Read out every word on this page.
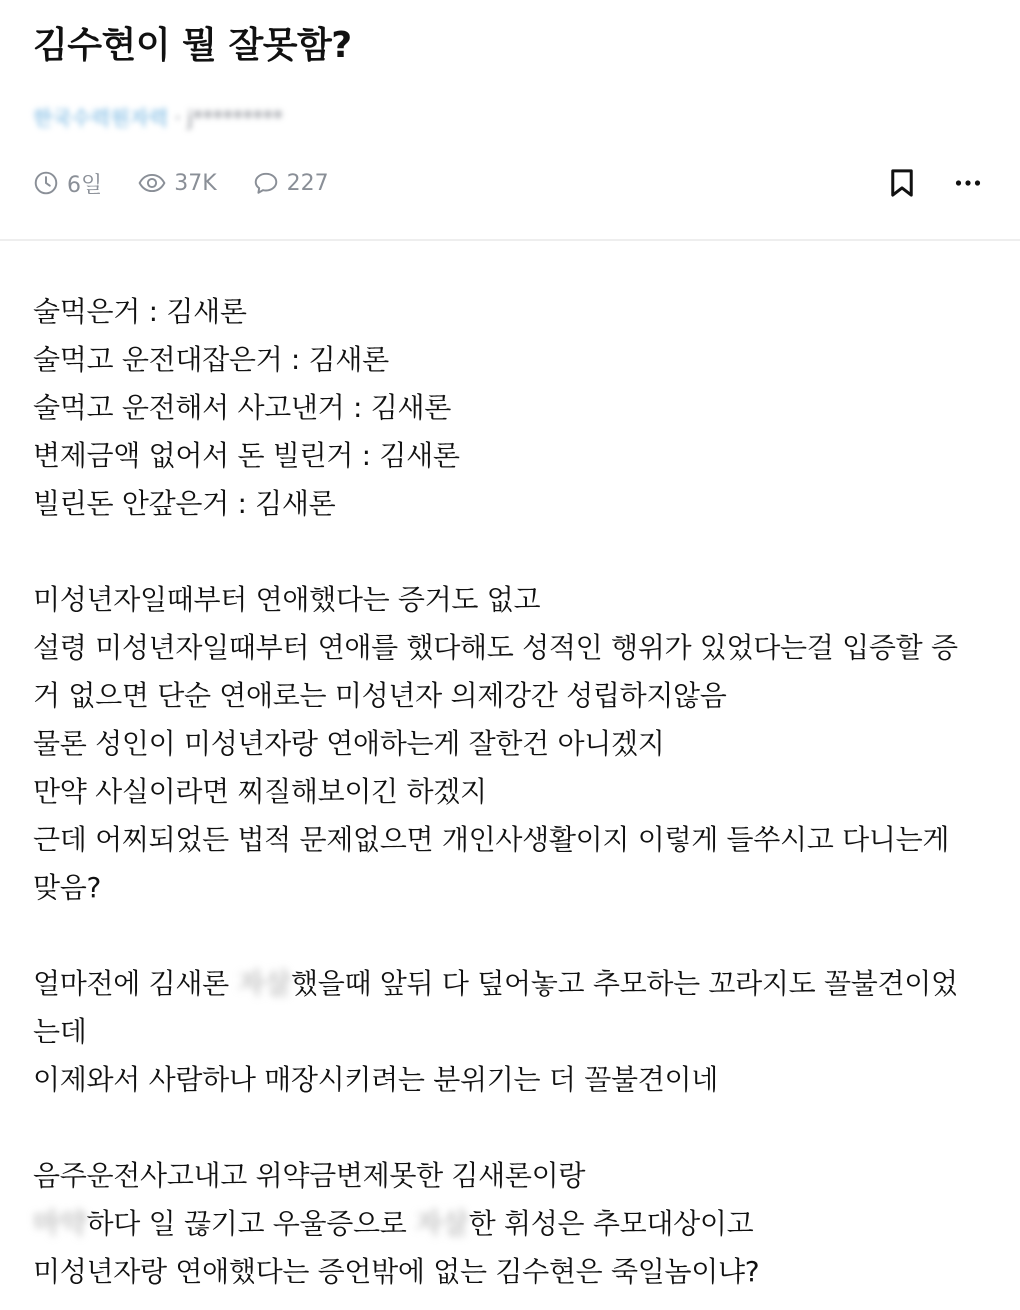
김수현이 뭘 잘못함?
한국수력원자력 · j*********
6일	37K	227
술먹은거 : 김새론
술먹고 운전대잡은거 : 김새론
술먹고 운전해서 사고낸거 : 김새론
변제금액 없어서 돈 빌린거 : 김새론
빌린돈 안갚은거 : 김새론
미성년자일때부터 연애했다는 증거도 없고
설령 미성년자일때부터 연애를 했다해도 성적인 행위가 있었다는걸 입증할 증
거 없으면 단순 연애로는 미성년자 의제강간 성립하지않음
물론 성인이 미성년자랑 연애하는게 잘한건 아니겠지
만약 사실이라면 찌질해보이긴 하겠지
근데 어찌되었든 법적 문제없으면 개인사생활이지 이렇게 들쑤시고 다니는게
맞음?
얼마전에 김새론 자살했을때 앞뒤 다 덮어놓고 추모하는 꼬라지도 꼴불견이었
는데
이제와서 사람하나 매장시키려는 분위기는 더 꼴불견이네
음주운전사고내고 위약금변제못한 김새론이랑
마약하다 일 끊기고 우울증으로 자살한 휘성은 추모대상이고
미성년자랑 연애했다는 증언밖에 없는 김수현은 죽일놈이냐?
